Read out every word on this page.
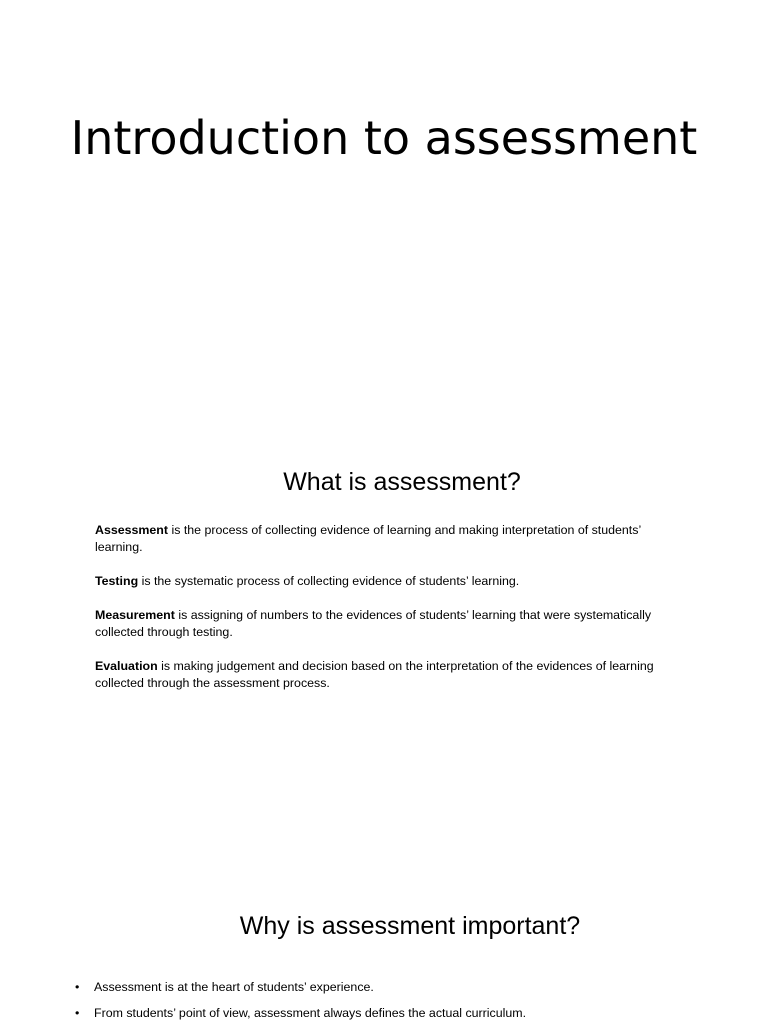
Introduction to assessment
What is assessment?

Assessment is the process of collecting evidence of learning and making interpretation of students’ learning.

Testing is the systematic process of collecting evidence of students’ learning.

Measurement is assigning of numbers to the evidences of students’ learning that were systematically collected through testing.

Evaluation is making judgement and decision based on the interpretation of the evidences of learning collected through the assessment process.

Why is assessment important?
• Assessment is at the heart of students’ experience.
• From students’ point of view, assessment always defines the actual curriculum.
